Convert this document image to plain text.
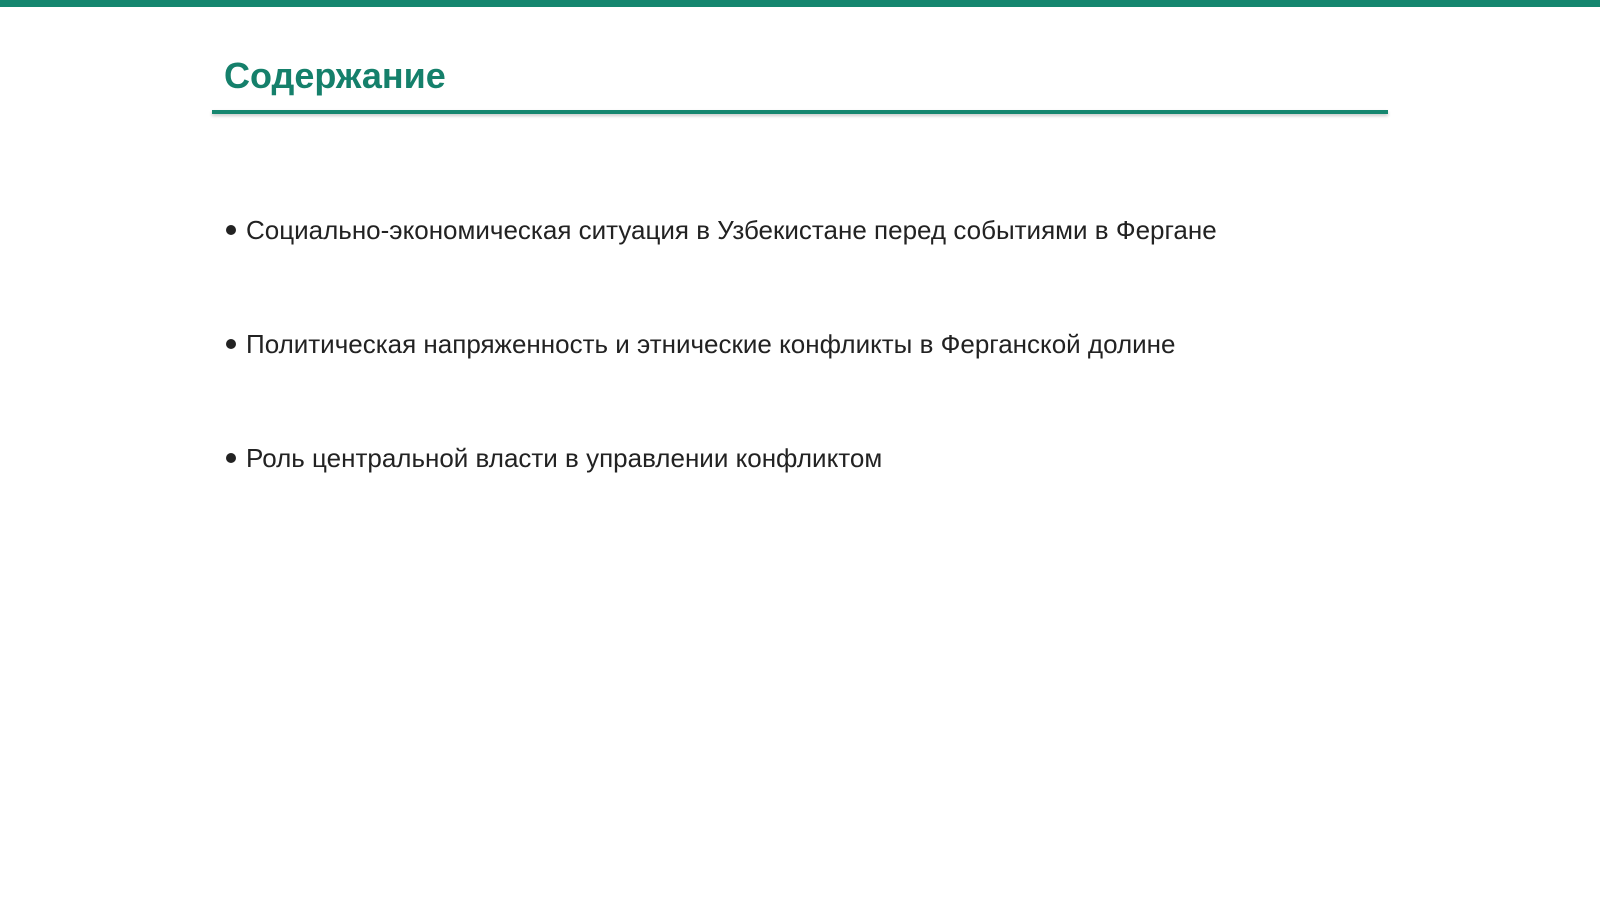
Содержание
Социально-экономическая ситуация в Узбекистане перед событиями в Фергане
Политическая напряженность и этнические конфликты в Ферганской долине
Роль центральной власти в управлении конфликтом
